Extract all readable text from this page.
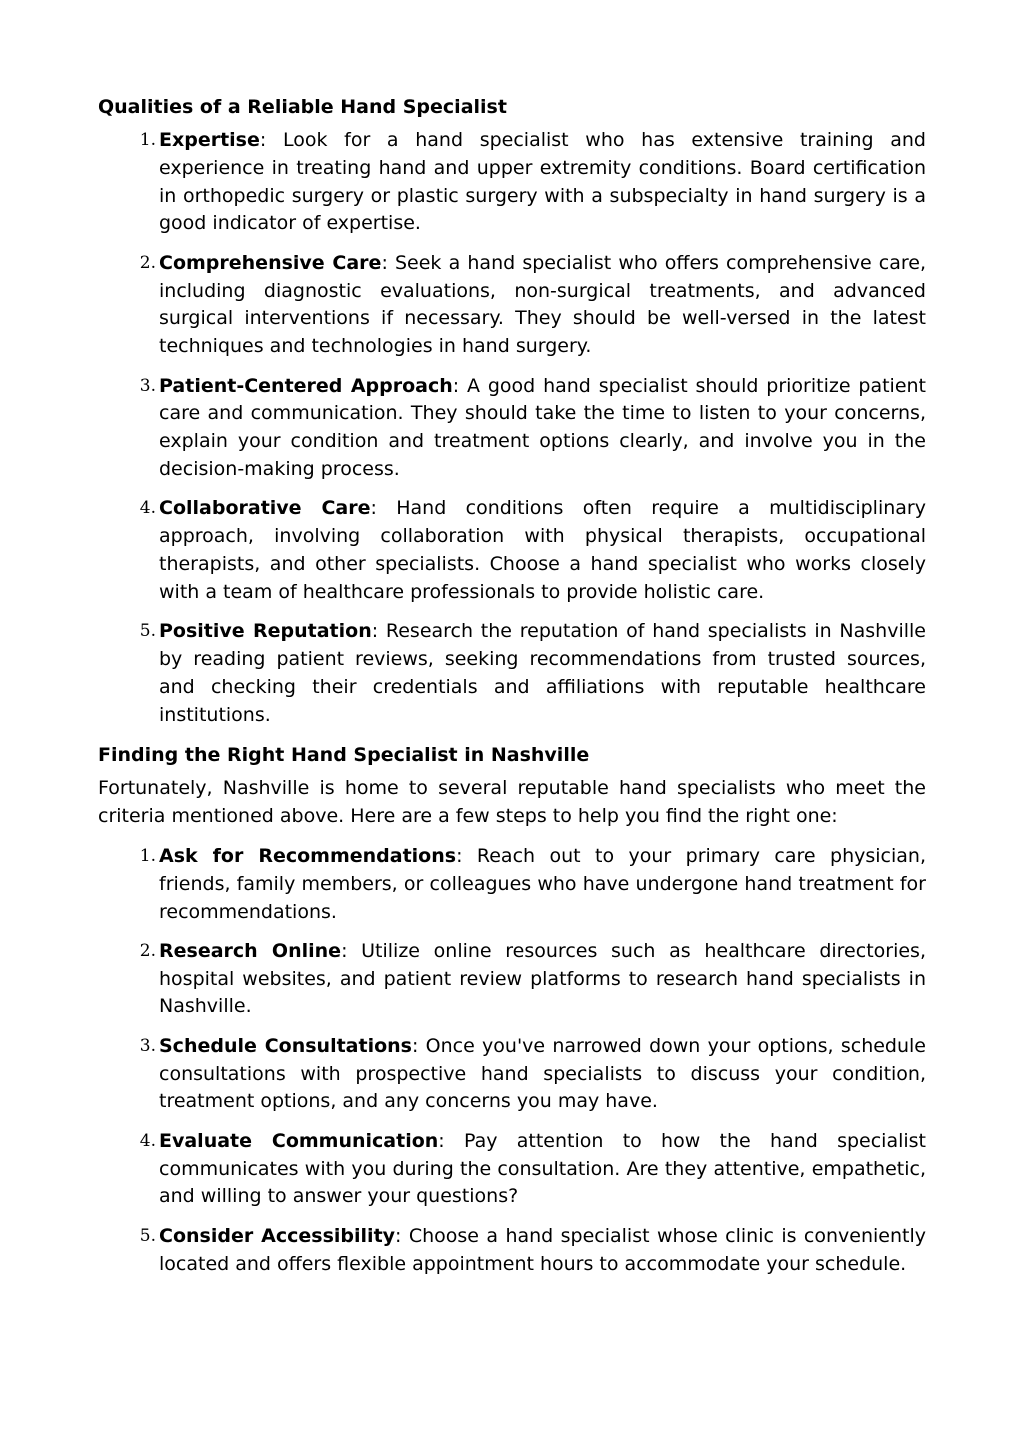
Qualities of a Reliable Hand Specialist
1. Expertise: Look for a hand specialist who has extensive training and experience in treating hand and upper extremity conditions. Board certification in orthopedic surgery or plastic surgery with a subspecialty in hand surgery is a good indicator of expertise.
2. Comprehensive Care: Seek a hand specialist who offers comprehensive care, including diagnostic evaluations, non-surgical treatments, and advanced surgical interventions if necessary. They should be well-versed in the latest techniques and technologies in hand surgery.
3. Patient-Centered Approach: A good hand specialist should prioritize patient care and communication. They should take the time to listen to your concerns, explain your condition and treatment options clearly, and involve you in the decision-making process.
4. Collaborative Care: Hand conditions often require a multidisciplinary approach, involving collaboration with physical therapists, occupational therapists, and other specialists. Choose a hand specialist who works closely with a team of healthcare professionals to provide holistic care.
5. Positive Reputation: Research the reputation of hand specialists in Nashville by reading patient reviews, seeking recommendations from trusted sources, and checking their credentials and affiliations with reputable healthcare institutions.
Finding the Right Hand Specialist in Nashville

Fortunately, Nashville is home to several reputable hand specialists who meet the criteria mentioned above. Here are a few steps to help you find the right one:

1. Ask for Recommendations: Reach out to your primary care physician, friends, family members, or colleagues who have undergone hand treatment for recommendations.
2. Research Online: Utilize online resources such as healthcare directories, hospital websites, and patient review platforms to research hand specialists in Nashville.
3. Schedule Consultations: Once you've narrowed down your options, schedule consultations with prospective hand specialists to discuss your condition, treatment options, and any concerns you may have.
4. Evaluate Communication: Pay attention to how the hand specialist communicates with you during the consultation. Are they attentive, empathetic, and willing to answer your questions?
5. Consider Accessibility: Choose a hand specialist whose clinic is conveniently located and offers flexible appointment hours to accommodate your schedule.
